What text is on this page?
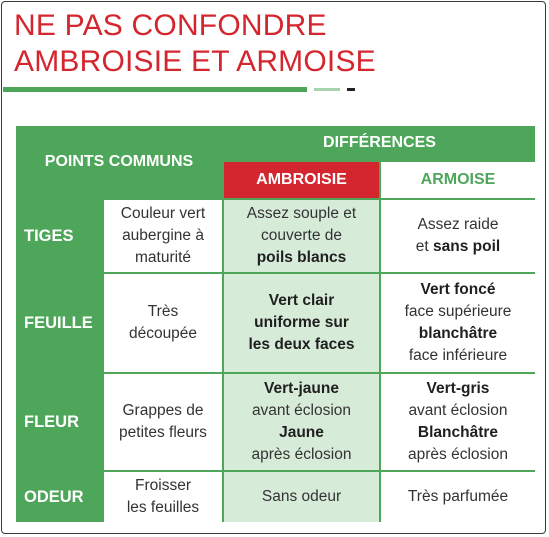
NE PAS CONFONDRE
AMBROISIE ET ARMOISE
POINTS COMMUNS
DIFFÉRENCES
AMBROISIE	ARMOISE
TIGES
Couleur vert
aubergine à
maturité
Assez souple et
couverte de
poils blancs
Assez raide
et sans poil
FEUILLE
Très
découpée
Vert clair
uniforme sur
les deux faces
Vert foncé
face supérieure
blanchâtre
face inférieure
FLEUR
Grappes de
petites fleurs
Vert-jaune
avant éclosion
Jaune
après éclosion
Vert-gris
avant éclosion
Blanchâtre
après éclosion
ODEUR
Froisser
les feuilles
Sans odeur	Très parfumée
